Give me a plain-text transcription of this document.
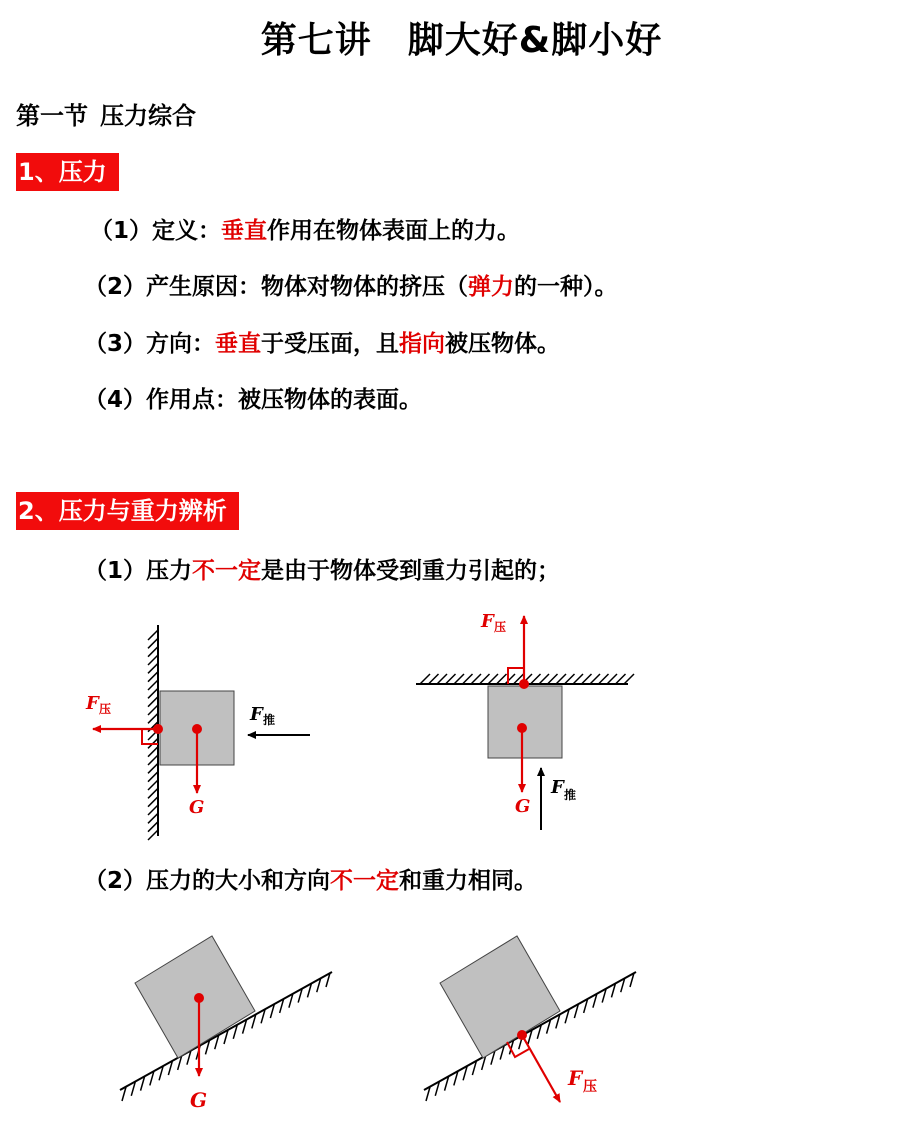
第七讲 脚大好&脚小好
第一节 压力综合
1、压力
（1）定义：垂直作用在物体表面上的力。
（2）产生原因：物体对物体的挤压（弹力的一种）。
（3）方向：垂直于受压面，且指向被压物体。
（4）作用点：被压物体的表面。
2、压力与重力辨析
（1）压力不一定是由于物体受到重力引起的；
（2）压力的大小和方向不一定和重力相同。
F 压
G
F 推
F 压
G
F 推
G
F 压
